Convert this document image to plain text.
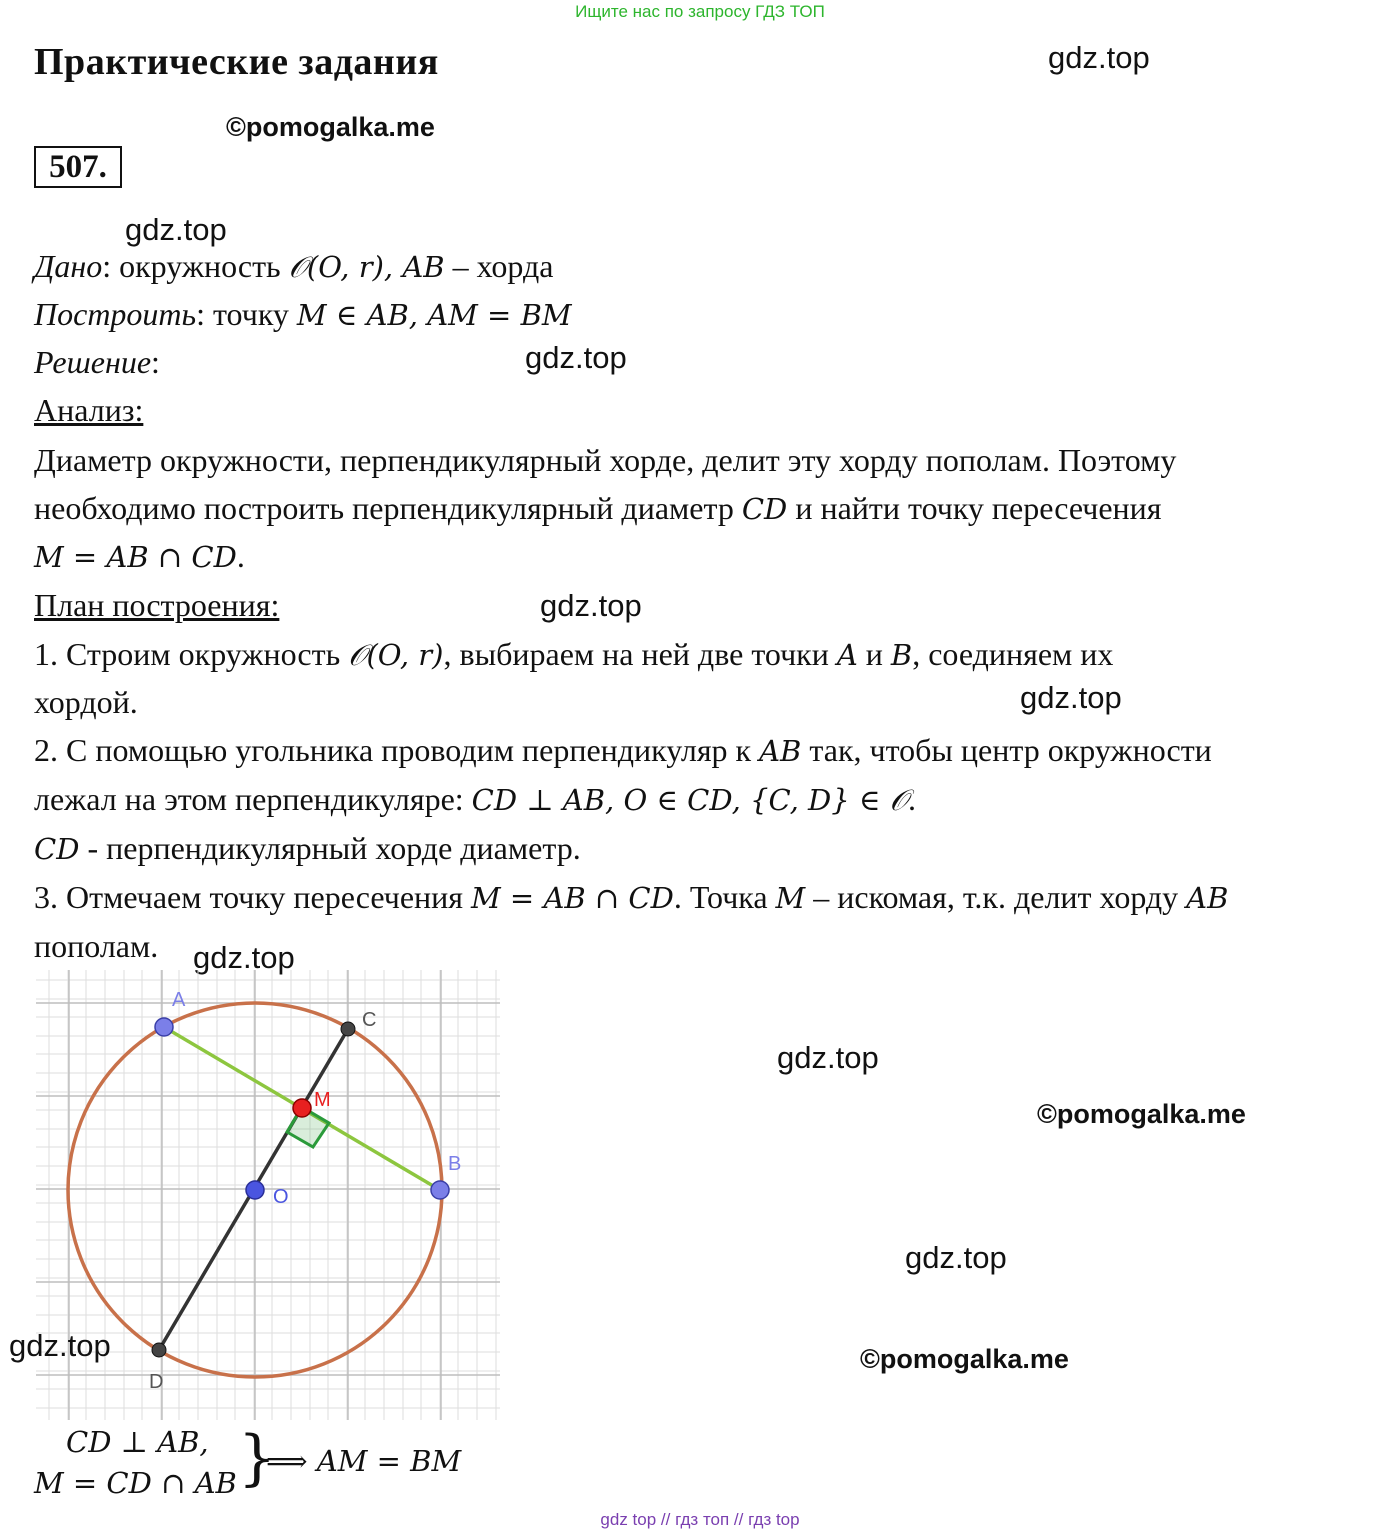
Ищите нас по запросу ГДЗ ТОП
Практические задания	gdz.top
©pomogalka.me
507.
gdz.top
Дано: окружность 𝒪(O, r), AB – хорда
Построить: точку M ∈ AB, AM = BM
Решение:	gdz.top
Анализ:
Диаметр окружности, перпендикулярный хорде, делит эту хорду пополам. Поэтому
необходимо построить перпендикулярный диаметр CD и найти точку пересечения
M = AB ∩ CD.
План построения:	gdz.top
1. Строим окружность 𝒪(O, r), выбираем на ней две точки A и B, соединяем их
хордой.	gdz.top
2. С помощью угольника проводим перпендикуляр к AB так, чтобы центр окружности
лежал на этом перпендикуляре: CD ⊥ AB, O ∈ CD, {C, D} ∈ 𝒪.
CD - перпендикулярный хорде диаметр.
3. Отмечаем точку пересечения M = AB ∩ CD. Точка M – искомая, т.к. делит хорду AB
пополам. gdz.top
A
B
C
D
O
M
gdz.top
gdz.top
©pomogalka.me
gdz.top
©pomogalka.me
CD ⊥ AB,
M = CD ∩ AB }
⟹ AM = BM
gdz top // гдз топ // гдз top
